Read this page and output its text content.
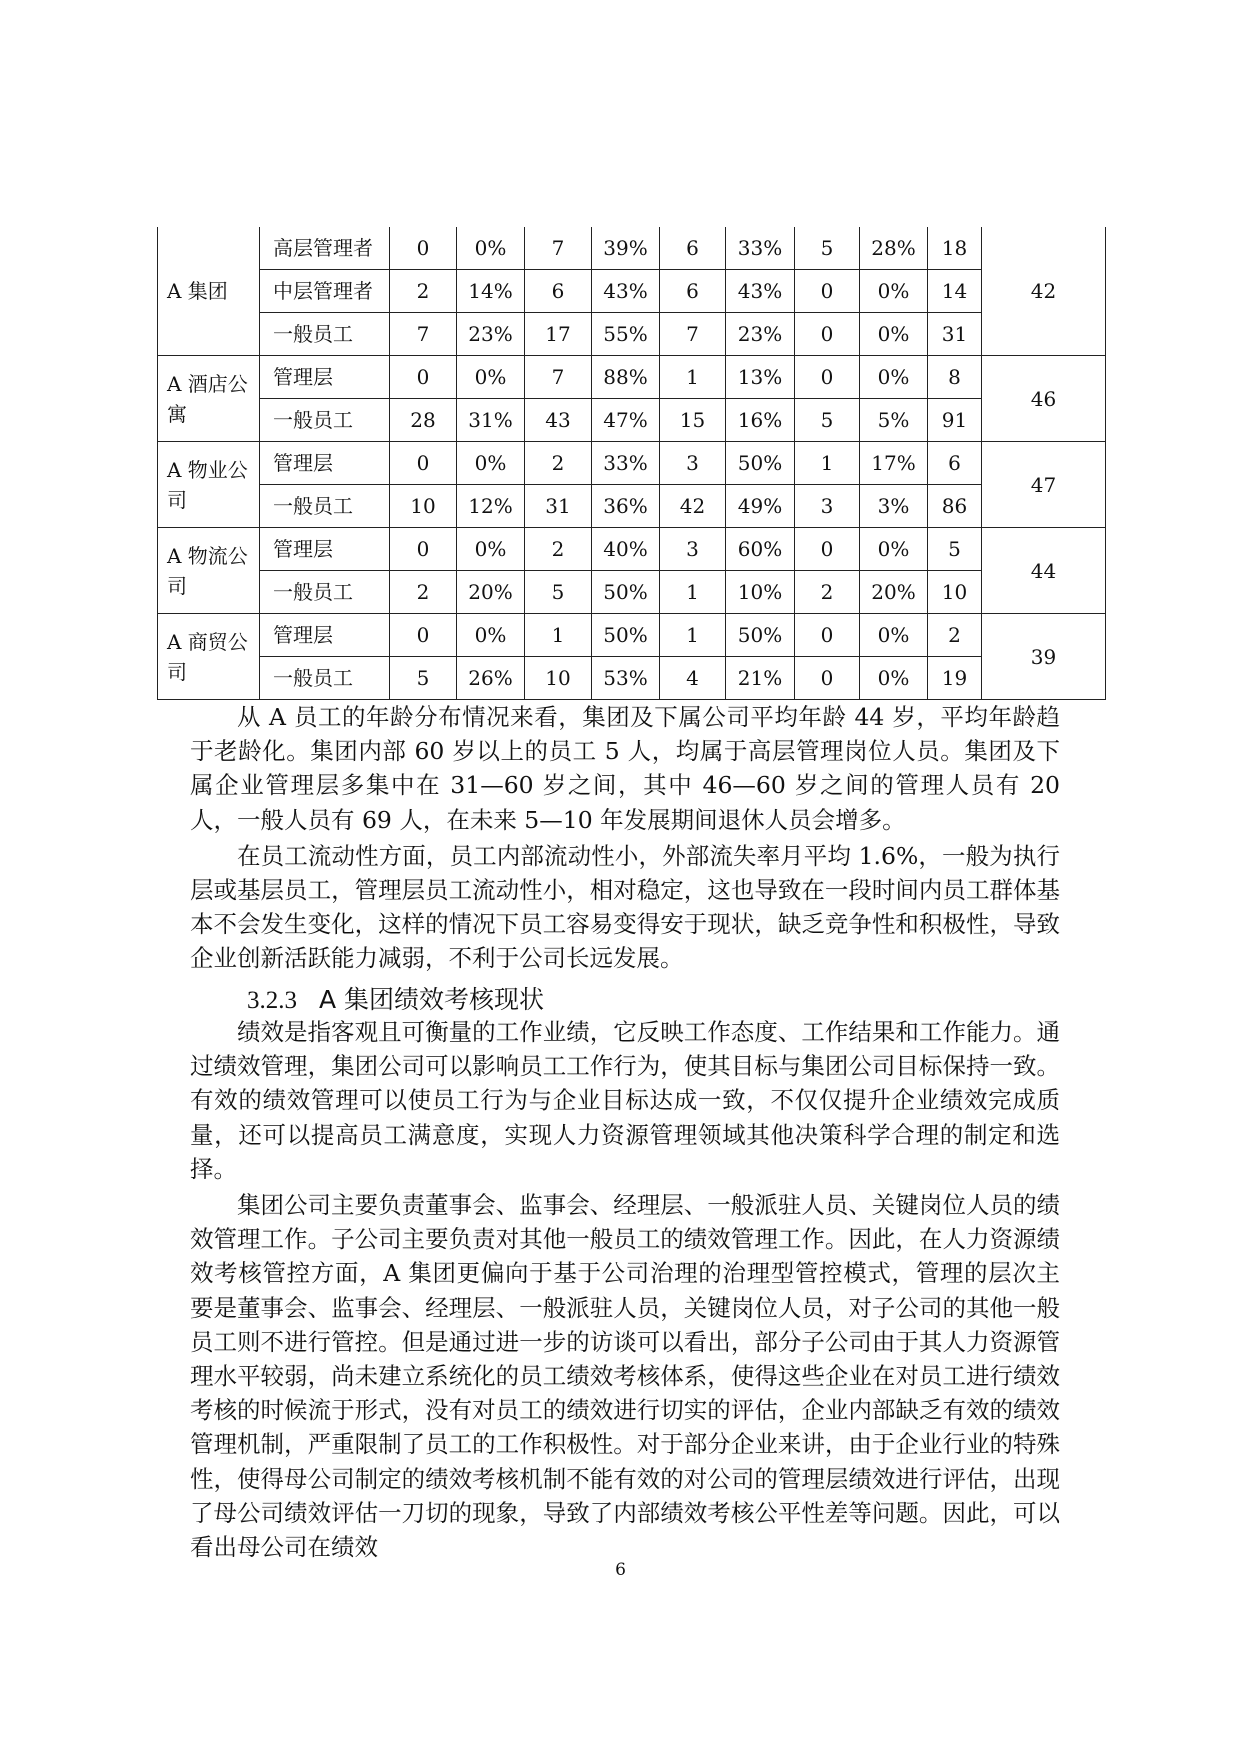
A 集团	高层管理者	0	0%	7	39%	6	33%	5	28%	18	42
	中层管理者	2	14%	6	43%	6	43%	0	0%	14	
	一般员工	7	23%	17	55%	7	23%	0	0%	31	
A 酒店公寓	管理层	0	0%	7	88%	1	13%	0	0%	8	46
	一般员工	28	31%	43	47%	15	16%	5	5%	91	
A 物业公司	管理层	0	0%	2	33%	3	50%	1	17%	6	47
	一般员工	10	12%	31	36%	42	49%	3	3%	86	
A 物流公司	管理层	0	0%	2	40%	3	60%	0	0%	5	44
	一般员工	2	20%	5	50%	1	10%	2	20%	10	
A 商贸公司	管理层	0	0%	1	50%	1	50%	0	0%	2	39
	一般员工	5	26%	10	53%	4	21%	0	0%	19	

从 A 员工的年龄分布情况来看，集团及下属公司平均年龄 44 岁，平均年龄趋于老龄化。集团内部 60 岁以上的员工 5 人，均属于高层管理岗位人员。集团及下属企业管理层多集中在 31—60 岁之间，其中 46—60 岁之间的管理人员有 20 人，一般人员有 69 人，在未来 5—10 年发展期间退休人员会增多。

在员工流动性方面，员工内部流动性小，外部流失率月平均 1.6%，一般为执行层或基层员工，管理层员工流动性小，相对稳定，这也导致在一段时间内员工群体基本不会发生变化，这样的情况下员工容易变得安于现状，缺乏竞争性和积极性，导致企业创新活跃能力减弱，不利于公司长远发展。

3.2.3 A 集团绩效考核现状

绩效是指客观且可衡量的工作业绩，它反映工作态度、工作结果和工作能力。通过绩效管理，集团公司可以影响员工工作行为，使其目标与集团公司目标保持一致。有效的绩效管理可以使员工行为与企业目标达成一致，不仅仅提升企业绩效完成质量，还可以提高员工满意度，实现人力资源管理领域其他决策科学合理的制定和选择。

集团公司主要负责董事会、监事会、经理层、一般派驻人员、关键岗位人员的绩效管理工作。子公司主要负责对其他一般员工的绩效管理工作。因此，在人力资源绩效考核管控方面，A 集团更偏向于基于公司治理的治理型管控模式，管理的层次主要是董事会、监事会、经理层、一般派驻人员，关键岗位人员，对子公司的其他一般员工则不进行管控。但是通过进一步的访谈可以看出，部分子公司由于其人力资源管理水平较弱，尚未建立系统化的员工绩效考核体系，使得这些企业在对员工进行绩效考核的时候流于形式，没有对员工的绩效进行切实的评估，企业内部缺乏有效的绩效管理机制，严重限制了员工的工作积极性。对于部分企业来讲，由于企业行业的特殊性，使得母公司制定的绩效考核机制不能有效的对公司的管理层绩效进行评估，出现了母公司绩效评估一刀切的现象，导致了内部绩效考核公平性差等问题。因此，可以看出母公司在绩效

6
